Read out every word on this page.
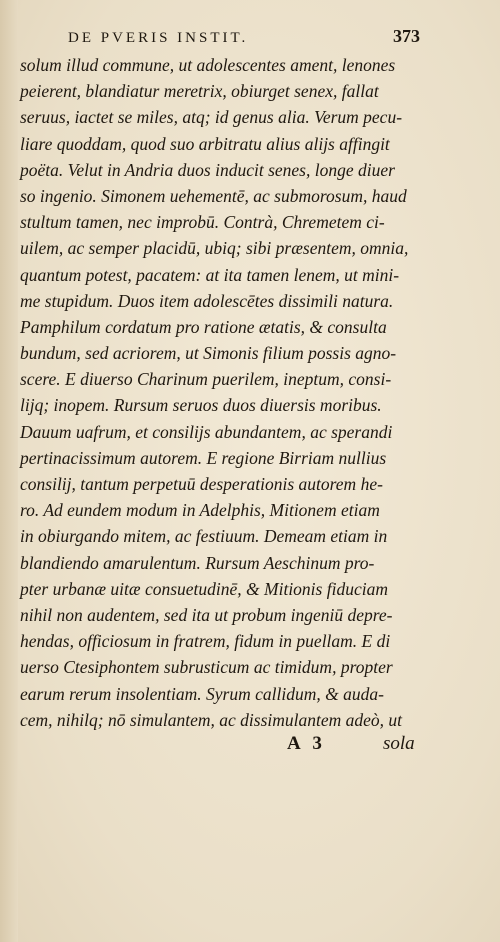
DE PVERIS INSTIT.	373
solum illud commune, ut adolescentes ament, lenones
peierent, blandiatur meretrix, obiurget senex, fallat
seruus, iactet se miles, atq; id genus alia. Verum pecu-
liare quoddam, quod suo arbitratu alius alijs affingit
poëta. Velut in Andria duos inducit senes, longe diuer
so ingenio. Simonem uehementē, ac submorosum, haud
stultum tamen, nec improbū. Contrà, Chremetem ci-
uilem, ac semper placidū, ubiq; sibi præsentem, omnia,
quantum potest, pacatem: at ita tamen lenem, ut mini-
me stupidum. Duos item adolescētes dissimili natura.
Pamphilum cordatum pro ratione ætatis, & consulta
bundum, sed acriorem, ut Simonis filium possis agno-
scere. E diuerso Charinum puerilem, ineptum, consi-
lijq; inopem. Rursum seruos duos diuersis moribus.
Dauum uafrum, et consilijs abundantem, ac sperandi
pertinacissimum autorem. E regione Birriam nullius
consilij, tantum perpetuū desperationis autorem he-
ro. Ad eundem modum in Adelphis, Mitionem etiam
in obiurgando mitem, ac festiuum. Demeam etiam in
blandiendo amarulentum. Rursum Aeschinum pro-
pter urbanæ uitæ consuetudinē, & Mitionis fiduciam
nihil non audentem, sed ita ut probum ingeniū depre-
hendas, officiosum in fratrem, fidum in puellam. E di
uerso Ctesiphontem subrusticum ac timidum, propter
earum rerum insolentiam. Syrum callidum, & auda-
cem, nihilq; nō simulantem, ac dissimulantem adeò, ut
A 3	sola
